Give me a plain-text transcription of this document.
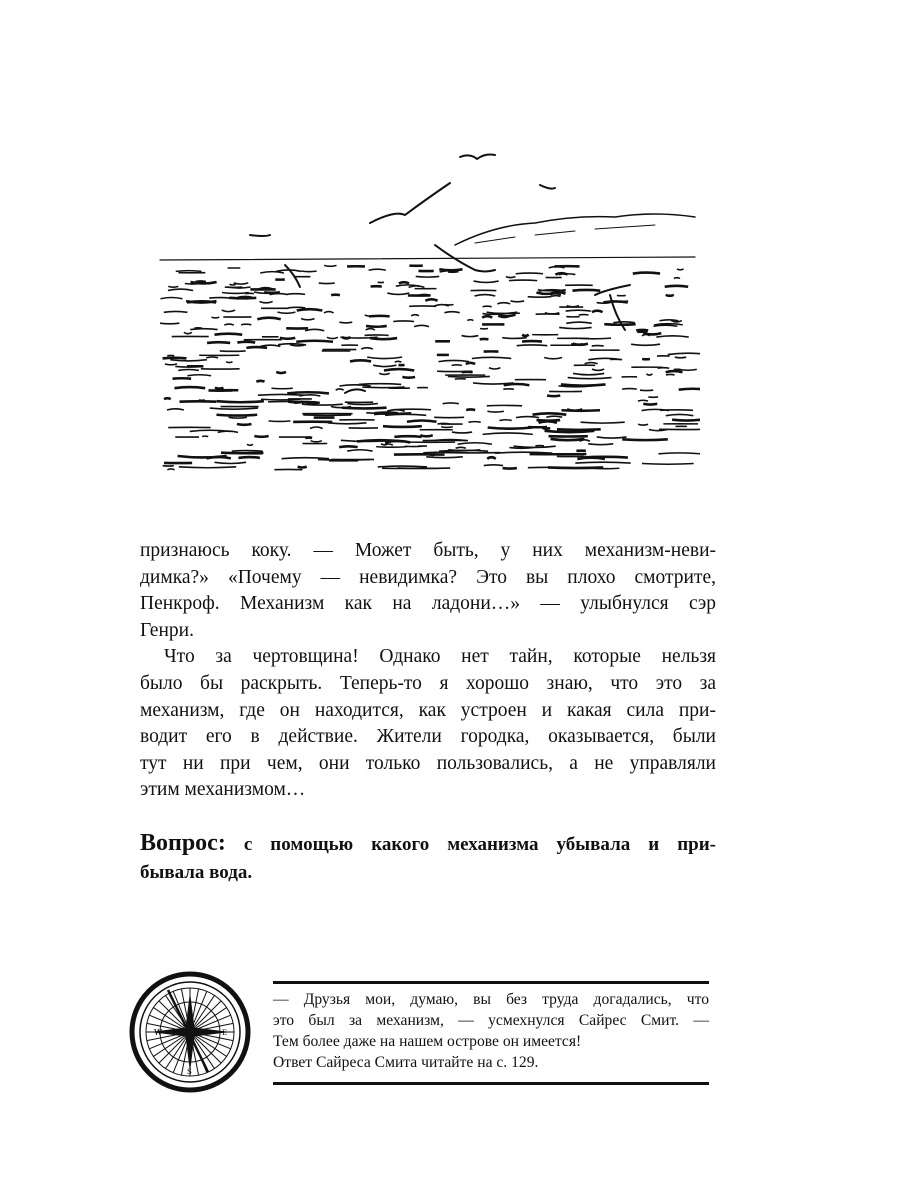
признаюсь коку. — Может быть, у них механизм-неви-
димка?» «Почему — невидимка? Это вы плохо смотрите,
Пенкроф. Механизм как на ладони…» — улыбнулся сэр
Генри.
Что за чертовщина! Однако нет тайн, которые нельзя
было бы раскрыть. Теперь-то я хорошо знаю, что это за
механизм, где он находится, как устроен и какая сила при-
водит его в действие. Жители городка, оказывается, были
тут ни при чем, они только пользовались, а не управляли
этим механизмом…
Вопрос: с помощью какого механизма убывала и при-
бывала вода.
W	E
S
— Друзья мои, думаю, вы без труда догадались, что
это был за механизм, — усмехнулся Сайрес Смит. —
Тем более даже на нашем острове он имеется!
Ответ Сайреса Смита читайте на с. 129.
